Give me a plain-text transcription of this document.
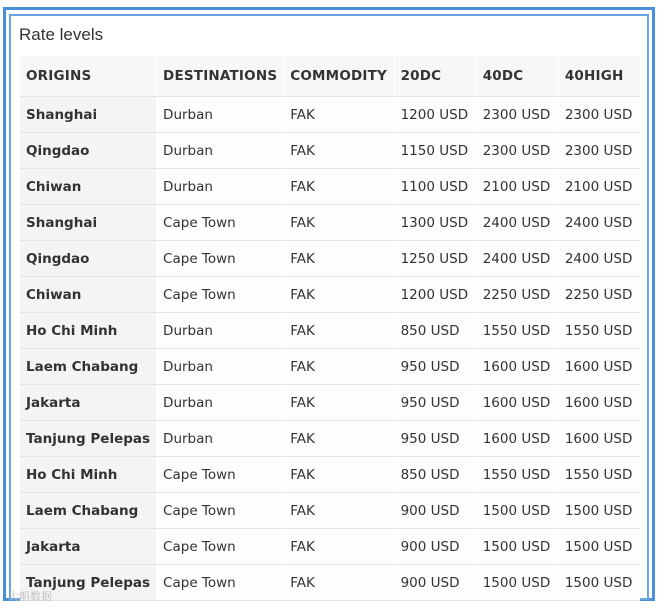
Rate levels
ORIGINS	DESTINATIONS	COMMODITY	20DC	40DC	40HIGH
Shanghai	Durban	FAK	1200 USD	2300 USD	2300 USD
Qingdao	Durban	FAK	1150 USD	2300 USD	2300 USD
Chiwan	Durban	FAK	1100 USD	2100 USD	2100 USD
Shanghai	Cape Town	FAK	1300 USD	2400 USD	2400 USD
Qingdao	Cape Town	FAK	1250 USD	2400 USD	2400 USD
Chiwan	Cape Town	FAK	1200 USD	2250 USD	2250 USD
Ho Chi Minh	Durban	FAK	850 USD	1550 USD	1550 USD
Laem Chabang	Durban	FAK	950 USD	1600 USD	1600 USD
Jakarta	Durban	FAK	950 USD	1600 USD	1600 USD
Tanjung Pelepas	Durban	FAK	950 USD	1600 USD	1600 USD
Ho Chi Minh	Cape Town	FAK	850 USD	1550 USD	1550 USD
Laem Chabang	Cape Town	FAK	900 USD	1500 USD	1500 USD
Jakarta	Cape Town	FAK	900 USD	1500 USD	1500 USD
Tanjung Pelepas	Cape Town	FAK	900 USD	1500 USD	1500 USD
大船数据
